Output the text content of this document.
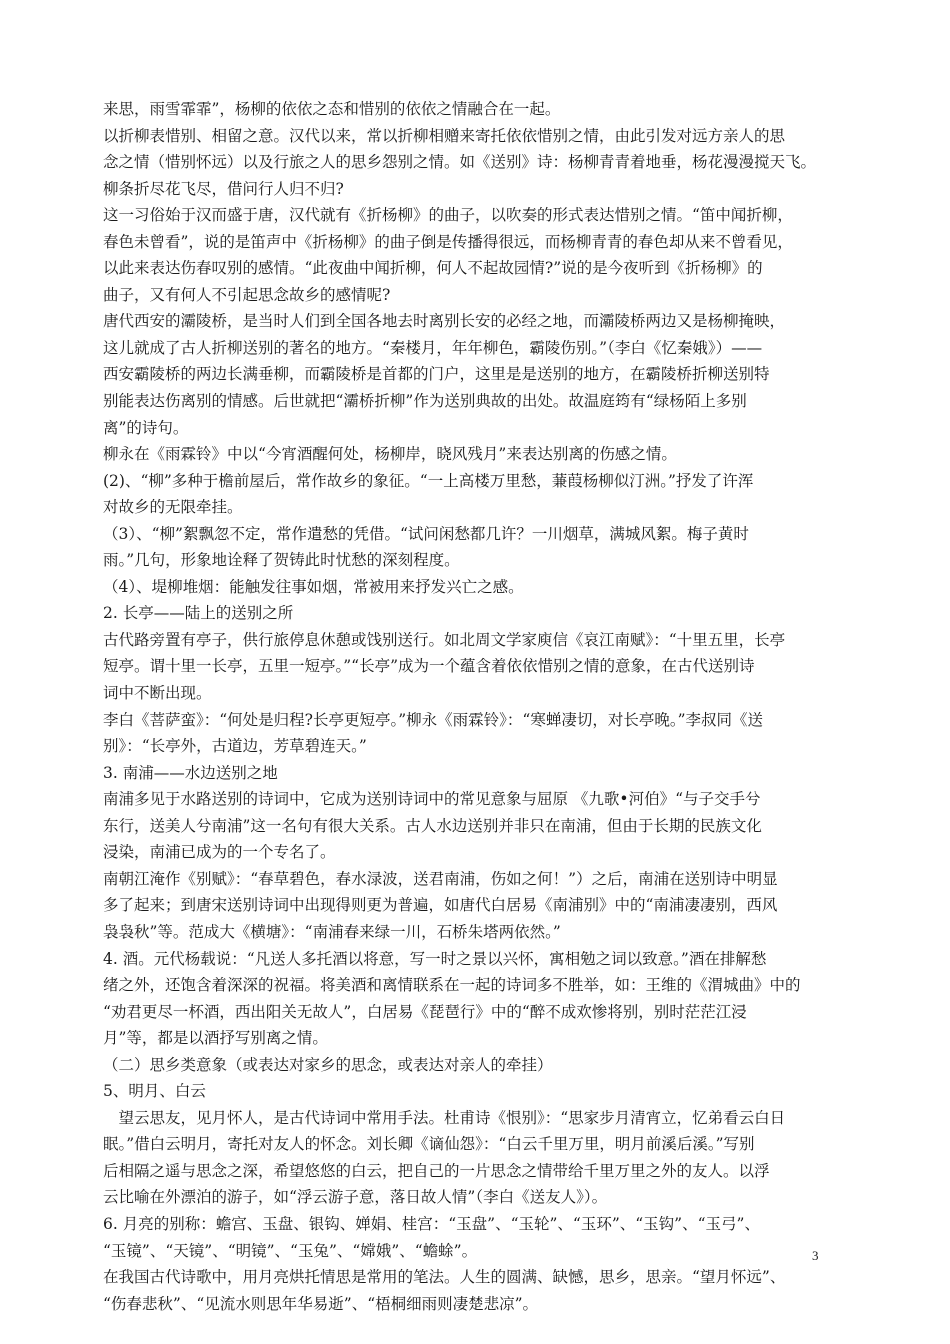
来思，雨雪霏霏”，杨柳的依依之态和惜别的依依之情融合在一起。
以折柳表惜别、相留之意。汉代以来，常以折柳相赠来寄托依依惜别之情，由此引发对远方亲人的思
念之情（惜别怀远）以及行旅之人的思乡怨别之情。如《送别》诗：杨柳青青着地垂，杨花漫漫搅天飞。
柳条折尽花飞尽，借问行人归不归?
这一习俗始于汉而盛于唐，汉代就有《折杨柳》的曲子，以吹奏的形式表达惜别之情。“笛中闻折柳，
春色未曾看”，说的是笛声中《折杨柳》的曲子倒是传播得很远，而杨柳青青的春色却从来不曾看见，
以此来表达伤春叹别的感情。“此夜曲中闻折柳，何人不起故园情?”说的是今夜听到《折杨柳》的
曲子，又有何人不引起思念故乡的感情呢?
唐代西安的灞陵桥，是当时人们到全国各地去时离别长安的必经之地，而灞陵桥两边又是杨柳掩映，
这儿就成了古人折柳送别的著名的地方。“秦楼月，年年柳色，霸陵伤别。”（李白《忆秦娥》）——
西安霸陵桥的两边长满垂柳，而霸陵桥是首都的门户，这里是是送别的地方，在霸陵桥折柳送别特
别能表达伤离别的情感。后世就把“灞桥折柳”作为送别典故的出处。故温庭筠有“绿杨陌上多别
离”的诗句。
柳永在《雨霖铃》中以“今宵酒醒何处，杨柳岸，晓风残月”来表达别离的伤感之情。
(2)、“柳”多种于檐前屋后，常作故乡的象征。“一上高楼万里愁，蒹葭杨柳似汀洲。”抒发了许浑
对故乡的无限牵挂。
（3）、“柳”絮飘忽不定，常作遣愁的凭借。“试问闲愁都几许？一川烟草，满城风絮。梅子黄时
雨。”几句，形象地诠释了贺铸此时忧愁的深刻程度。
（4）、堤柳堆烟：能触发往事如烟，常被用来抒发兴亡之感。
2. 长亭——陆上的送别之所
古代路旁置有亭子，供行旅停息休憩或饯别送行。如北周文学家庾信《哀江南赋》：“十里五里，长亭
短亭。谓十里一长亭，五里一短亭。”“长亭”成为一个蕴含着依依惜别之情的意象，在古代送别诗
词中不断出现。
李白《菩萨蛮》：“何处是归程?长亭更短亭。”柳永《雨霖铃》：“寒蝉凄切，对长亭晚。”李叔同《送
别》：“长亭外，古道边，芳草碧连天。”
3. 南浦——水边送别之地
南浦多见于水路送别的诗词中，它成为送别诗词中的常见意象与屈原 《九歌•河伯》“与子交手兮
东行，送美人兮南浦”这一名句有很大关系。古人水边送别并非只在南浦，但由于长期的民族文化
浸染，南浦已成为的一个专名了。
南朝江淹作《别赋》：“春草碧色，春水渌波，送君南浦，伤如之何！”）之后，南浦在送别诗中明显
多了起来；到唐宋送别诗词中出现得则更为普遍，如唐代白居易《南浦别》中的“南浦凄凄别，西风
袅袅秋”等。范成大《横塘》：“南浦春来绿一川，石桥朱塔两依然。”
4. 酒。元代杨载说：“凡送人多托酒以将意，写一时之景以兴怀，寓相勉之词以致意。”酒在排解愁
绪之外，还饱含着深深的祝福。将美酒和离情联系在一起的诗词多不胜举，如：王维的《渭城曲》中的
“劝君更尽一杯酒，西出阳关无故人”，白居易《琵琶行》中的“醉不成欢惨将别，别时茫茫江浸
月”等，都是以酒抒写别离之情。
（二）思乡类意象（或表达对家乡的思念，或表达对亲人的牵挂）
5、明月、白云
　望云思友，见月怀人，是古代诗词中常用手法。杜甫诗《恨别》：“思家步月清宵立，忆弟看云白日
眠。”借白云明月，寄托对友人的怀念。刘长卿《谪仙怨》：“白云千里万里，明月前溪后溪。”写别
后相隔之遥与思念之深，希望悠悠的白云，把自己的一片思念之情带给千里万里之外的友人。以浮
云比喻在外漂泊的游子，如“浮云游子意，落日故人情”（李白《送友人》）。
6. 月亮的别称：蟾宫、玉盘、银钩、婵娟、桂宫：“玉盘”、“玉轮”、“玉环”、“玉钩”、“玉弓”、
“玉镜”、“天镜”、“明镜”、“玉兔”、“嫦娥”、“蟾蜍”。
在我国古代诗歌中，用月亮烘托情思是常用的笔法。人生的圆满、缺憾，思乡，思亲。“望月怀远”、
“伤春悲秋”、“见流水则思年华易逝”、“梧桐细雨则凄楚悲凉”。
3
